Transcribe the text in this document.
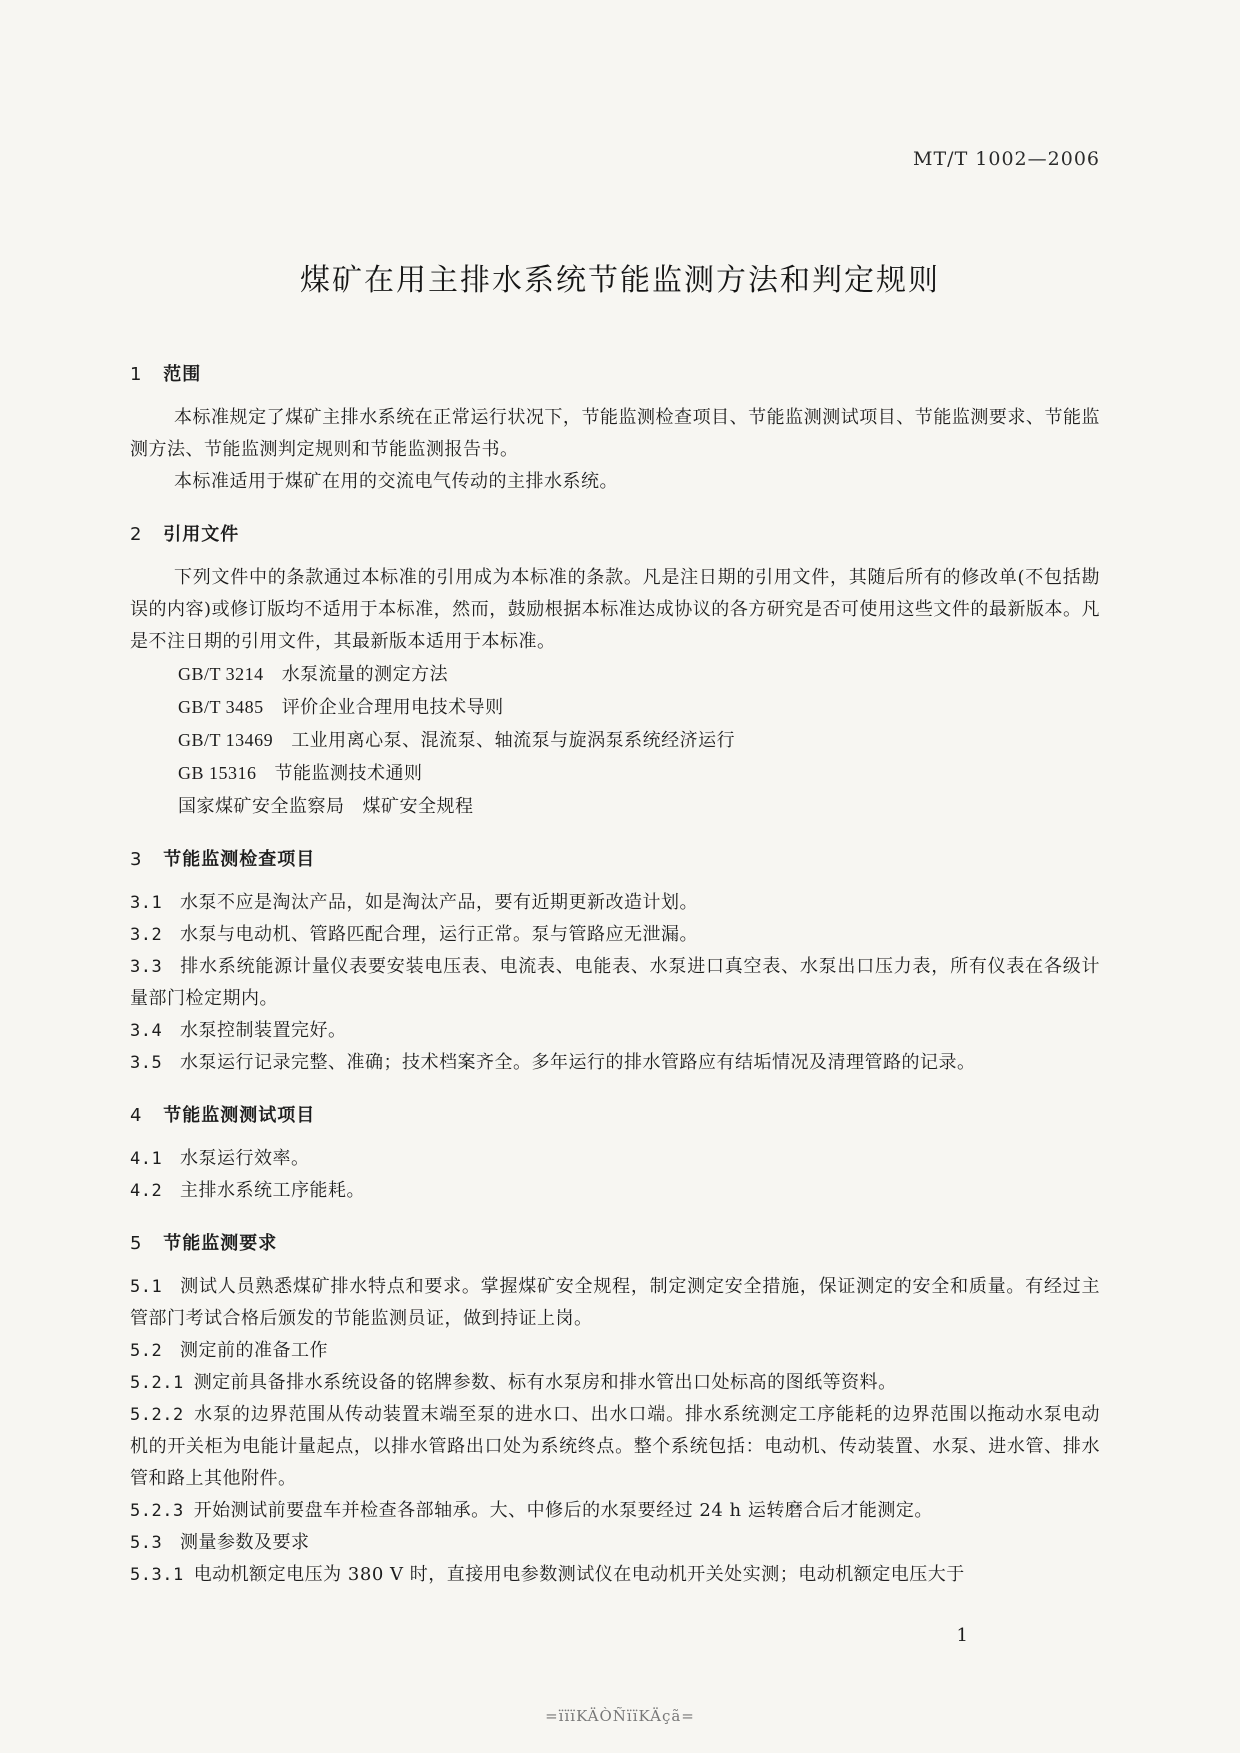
MT/T 1002—2006
煤矿在用主排水系统节能监测方法和判定规则

1 范围

本标准规定了煤矿主排水系统在正常运行状况下，节能监测检查项目、节能监测测试项目、节能监测要求、节能监测方法、节能监测判定规则和节能监测报告书。

本标准适用于煤矿在用的交流电气传动的主排水系统。

2 引用文件

下列文件中的条款通过本标准的引用成为本标准的条款。凡是注日期的引用文件，其随后所有的修改单(不包括勘误的内容)或修订版均不适用于本标准，然而，鼓励根据本标准达成协议的各方研究是否可使用这些文件的最新版本。凡是不注日期的引用文件，其最新版本适用于本标准。

GB/T 3214 水泵流量的测定方法

GB/T 3485 评价企业合理用电技术导则

GB/T 13469 工业用离心泵、混流泵、轴流泵与旋涡泵系统经济运行

GB 15316 节能监测技术通则

国家煤矿安全监察局 煤矿安全规程

3 节能监测检查项目

3.1 水泵不应是淘汰产品，如是淘汰产品，要有近期更新改造计划。

3.2 水泵与电动机、管路匹配合理，运行正常。泵与管路应无泄漏。

3.3 排水系统能源计量仪表要安装电压表、电流表、电能表、水泵进口真空表、水泵出口压力表，所有仪表在各级计量部门检定期内。

3.4 水泵控制装置完好。

3.5 水泵运行记录完整、准确；技术档案齐全。多年运行的排水管路应有结垢情况及清理管路的记录。

4 节能监测测试项目

4.1 水泵运行效率。

4.2 主排水系统工序能耗。

5 节能监测要求

5.1 测试人员熟悉煤矿排水特点和要求。掌握煤矿安全规程，制定测定安全措施，保证测定的安全和质量。有经过主管部门考试合格后颁发的节能监测员证，做到持证上岗。

5.2 测定前的准备工作

5.2.1 测定前具备排水系统设备的铭牌参数、标有水泵房和排水管出口处标高的图纸等资料。

5.2.2 水泵的边界范围从传动装置末端至泵的进水口、出水口端。排水系统测定工序能耗的边界范围以拖动水泵电动机的开关柜为电能计量起点，以排水管路出口处为系统终点。整个系统包括：电动机、传动装置、水泵、进水管、排水管和路上其他附件。

5.2.3 开始测试前要盘车并检查各部轴承。大、中修后的水泵要经过 24 h 运转磨合后才能测定。

5.3 测量参数及要求

5.3.1 电动机额定电压为 380 V 时，直接用电参数测试仪在电动机开关处实测；电动机额定电压大于

1
=ïïïKÄÒÑïïKÄçã=
